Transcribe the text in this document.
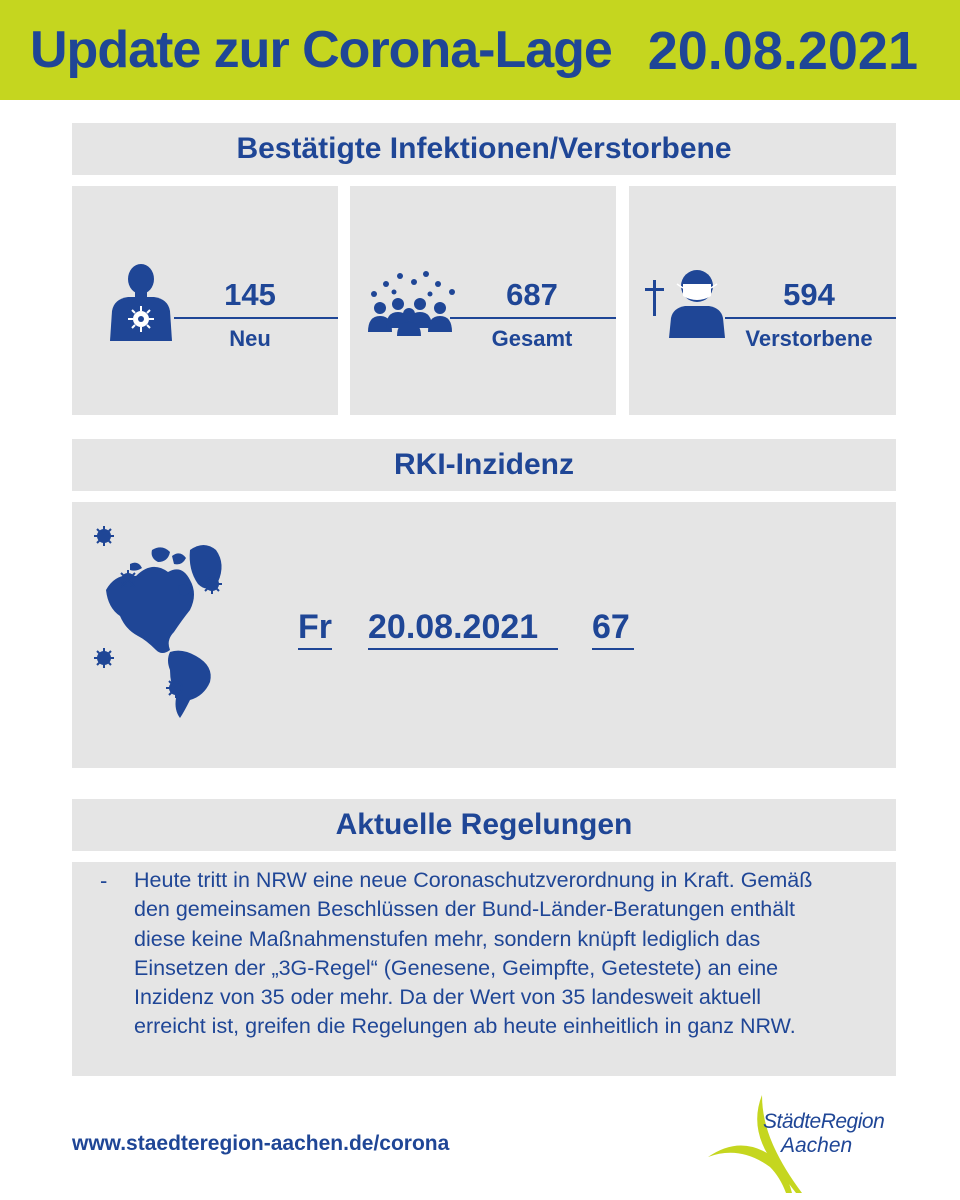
Update zur Corona-Lage 20.08.2021
Bestätigte Infektionen/Verstorbene
145
Neu
687
Gesamt
594
Verstorbene
RKI-Inzidenz
Fr 20.08.2021 67
Aktuelle Regelungen
- Heute tritt in NRW eine neue Coronaschutzverordnung in Kraft. Gemäß
den gemeinsamen Beschlüssen der Bund-Länder-Beratungen enthält
diese keine Maßnahmenstufen mehr, sondern knüpft lediglich das
Einsetzen der „3G-Regel“ (Genesene, Geimpfte, Getestete) an eine
Inzidenz von 35 oder mehr. Da der Wert von 35 landesweit aktuell
erreicht ist, greifen die Regelungen ab heute einheitlich in ganz NRW.
www.staedteregion-aachen.de/corona
StädteRegion
Aachen
